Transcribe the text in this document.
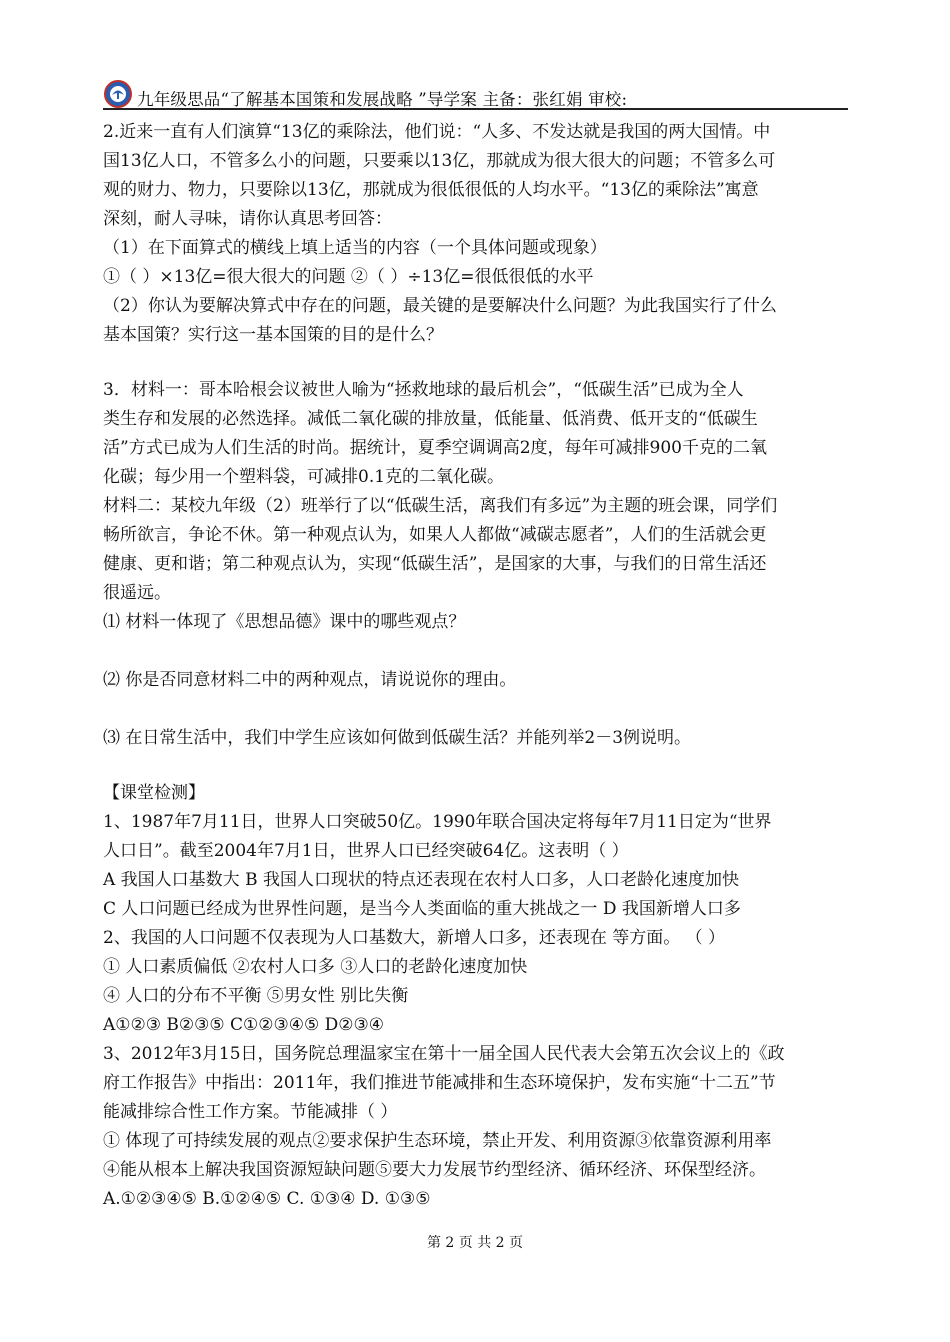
九年级思品“了解基本国策和发展战略 ”导学案 主备：张红娟 审校:

2.近来一直有人们演算“13亿的乘除法，他们说：“人多、不发达就是我国的两大国情。中

国13亿人口，不管多么小的问题，只要乘以13亿，那就成为很大很大的问题；不管多么可

观的财力、物力，只要除以13亿，那就成为很低很低的人均水平。“13亿的乘除法”寓意

深刻，耐人寻味，请你认真思考回答：

（1）在下面算式的横线上填上适当的内容（一个具体问题或现象）

①（ ）×13亿=很大很大的问题 ②（ ）÷13亿=很低很低的水平

（2）你认为要解决算式中存在的问题，最关键的是要解决什么问题？为此我国实行了什么

基本国策？实行这一基本国策的目的是什么？

3．材料一：哥本哈根会议被世人喻为“拯救地球的最后机会”，“低碳生活”已成为全人

类生存和发展的必然选择。减低二氧化碳的排放量，低能量、低消费、低开支的“低碳生

活”方式已成为人们生活的时尚。据统计，夏季空调调高2度，每年可减排900千克的二氧

化碳；每少用一个塑料袋，可减排0.1克的二氧化碳。

材料二：某校九年级（2）班举行了以“低碳生活，离我们有多远”为主题的班会课，同学们

畅所欲言，争论不休。第一种观点认为，如果人人都做“减碳志愿者”，人们的生活就会更

健康、更和谐；第二种观点认为，实现“低碳生活”，是国家的大事，与我们的日常生活还

很遥远。

⑴ 材料一体现了《思想品德》课中的哪些观点？

⑵ 你是否同意材料二中的两种观点，请说说你的理由。

⑶ 在日常生活中，我们中学生应该如何做到低碳生活？并能列举2－3例说明。

【课堂检测】

1、1987年7月11日，世界人口突破50亿。1990年联合国决定将每年7月11日定为“世界

人口日”。截至2004年7月1日，世界人口已经突破64亿。这表明（ ）

A 我国人口基数大 B 我国人口现状的特点还表现在农村人口多，人口老龄化速度加快

C 人口问题已经成为世界性问题，是当今人类面临的重大挑战之一 D 我国新增人口多

2、我国的人口问题不仅表现为人口基数大，新增人口多，还表现在 等方面。 （ ）

① 人口素质偏低 ②农村人口多 ③人口的老龄化速度加快

④ 人口的分布不平衡 ⑤男女性 别比失衡

A①②③ B②③⑤ C①②③④⑤ D②③④

3、2012年3月15日，国务院总理温家宝在第十一届全国人民代表大会第五次会议上的《政

府工作报告》中指出：2011年，我们推进节能减排和生态环境保护，发布实施“十二五”节

能减排综合性工作方案。节能减排（ ）

① 体现了可持续发展的观点②要求保护生态环境，禁止开发、利用资源③依靠资源利用率

④能从根本上解决我国资源短缺问题⑤要大力发展节约型经济、循环经济、环保型经济。

A.①②③④⑤ B.①②④⑤ C. ①③④ D. ①③⑤

第 2 页 共 2 页
